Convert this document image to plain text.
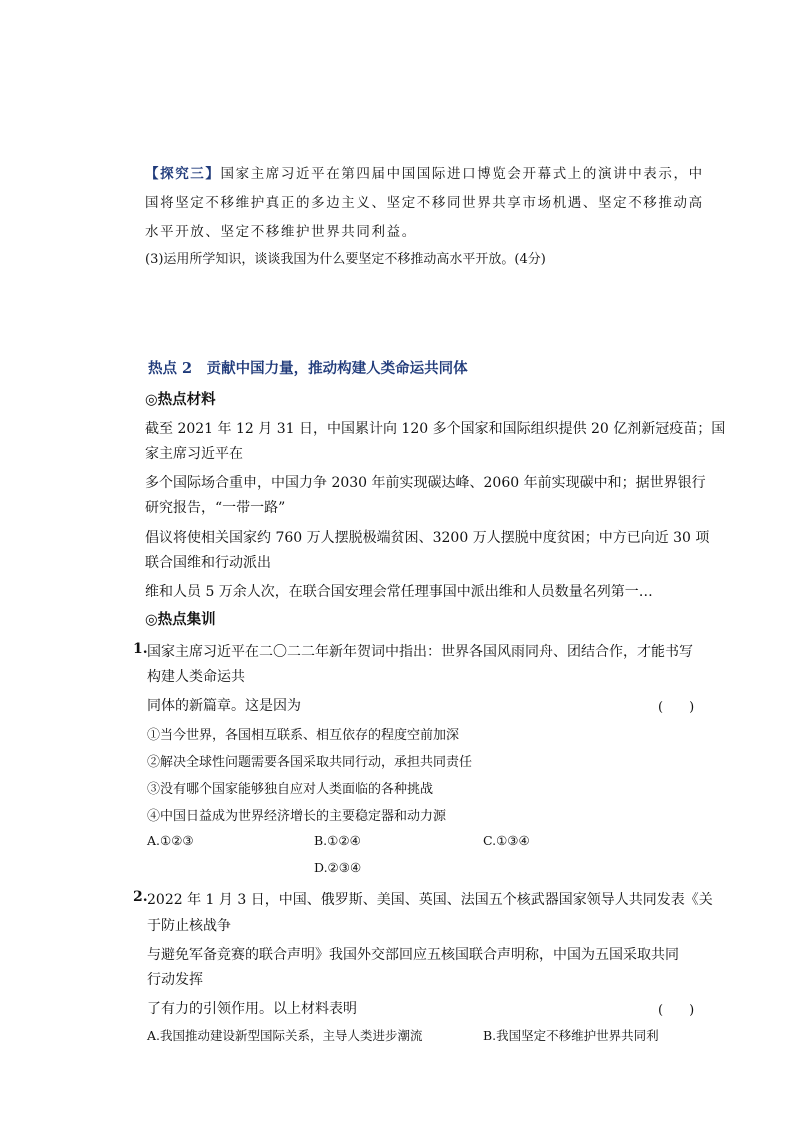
【探究三】国家主席习近平在第四届中国国际进口博览会开幕式上的演讲中表示，中
国将坚定不移维护真正的多边主义、坚定不移同世界共享市场机遇、坚定不移推动高
水平开放、坚定不移维护世界共同利益。
(3)运用所学知识，谈谈我国为什么要坚定不移推动高水平开放。(4分)
热点 2　贡献中国力量，推动构建人类命运共同体
◎热点材料
截至 2021 年 12 月 31 日，中国累计向 120 多个国家和国际组织提供 20 亿剂新冠疫苗；国
家主席习近平在
多个国际场合重申，中国力争 2030 年前实现碳达峰、2060 年前实现碳中和；据世界银行
研究报告，“一带一路”
倡议将使相关国家约 760 万人摆脱极端贫困、3200 万人摆脱中度贫困；中方已向近 30 项
联合国维和行动派出
维和人员 5 万余人次，在联合国安理会常任理事国中派出维和人员数量名列第一…
◎热点集训
1. 国家主席习近平在二〇二二年新年贺词中指出：世界各国风雨同舟、团结合作，才能书写
构建人类命运共
同体的新篇章。这是因为	(　　)
①当今世界，各国相互联系、相互依存的程度空前加深
②解决全球性问题需要各国采取共同行动，承担共同责任
③没有哪个国家能够独自应对人类面临的各种挑战
④中国日益成为世界经济增长的主要稳定器和动力源
A.①②③	B.①②④	C.①③④
D.②③④
2. 2022 年 1 月 3 日，中国、俄罗斯、美国、英国、法国五个核武器国家领导人共同发表《关
于防止核战争
与避免军备竞赛的联合声明》我国外交部回应五核国联合声明称，中国为五国采取共同
行动发挥
了有力的引领作用。以上材料表明	(　　)
A.我国推动建设新型国际关系，主导人类进步潮流	B.我国坚定不移维护世界共同利
